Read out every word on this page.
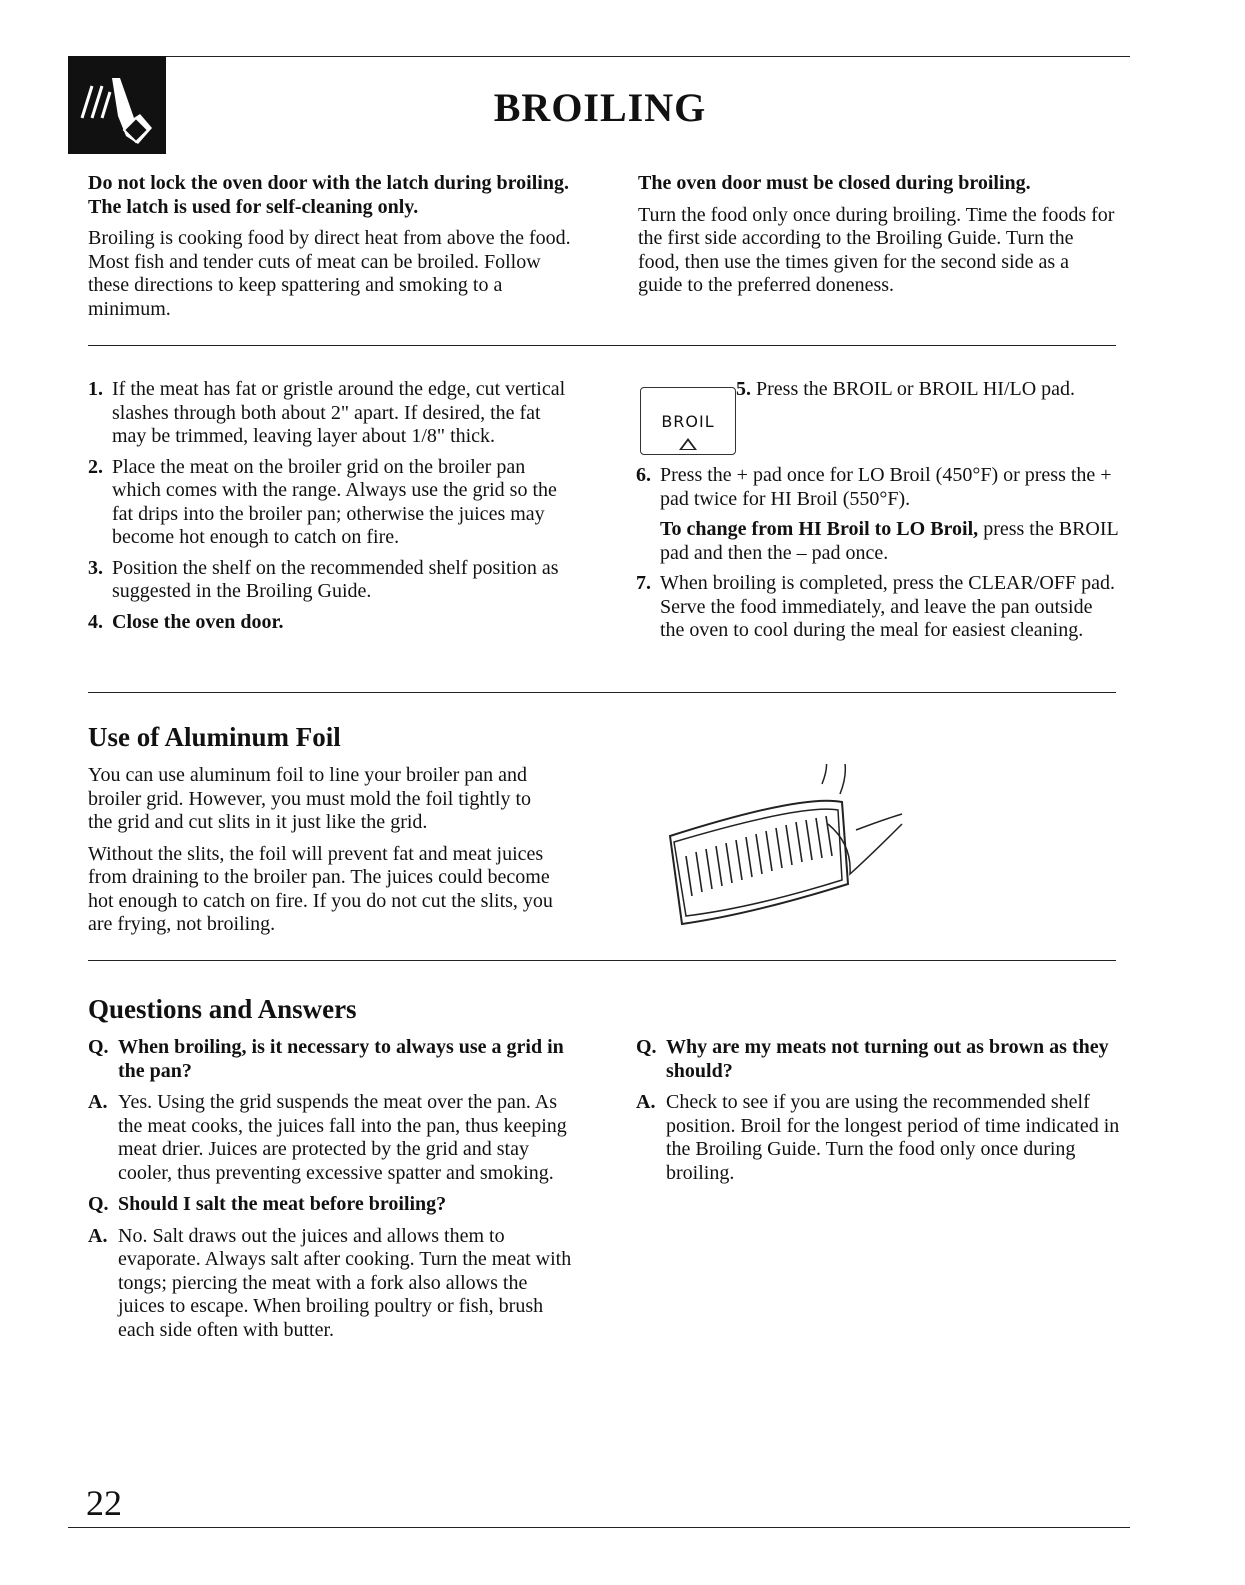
BROILING

Do not lock the oven door with the latch during broiling. The latch is used for self-cleaning only.

Broiling is cooking food by direct heat from above the food. Most fish and tender cuts of meat can be broiled. Follow these directions to keep spattering and smoking to a minimum.

The oven door must be closed during broiling.

Turn the food only once during broiling. Time the foods for the first side according to the Broiling Guide. Turn the food, then use the times given for the second side as a guide to the preferred doneness.

1. If the meat has fat or gristle around the edge, cut vertical slashes through both about 2" apart. If desired, the fat may be trimmed, leaving layer about 1/8" thick.
2. Place the meat on the broiler grid on the broiler pan which comes with the range. Always use the grid so the fat drips into the broiler pan; otherwise the juices may become hot enough to catch on fire.
3. Position the shelf on the recommended shelf position as suggested in the Broiling Guide.
4. Close the oven door.
BROIL
5. Press the BROIL or BROIL HI/LO pad.
6. Press the + pad once for LO Broil (450°F) or press the + pad twice for HI Broil (550°F).
To change from HI Broil to LO Broil, press the BROIL pad and then the – pad once.
7. When broiling is completed, press the CLEAR/OFF pad. Serve the food immediately, and leave the pan outside the oven to cool during the meal for easiest cleaning.
Use of Aluminum Foil

You can use aluminum foil to line your broiler pan and broiler grid. However, you must mold the foil tightly to the grid and cut slits in it just like the grid.

Without the slits, the foil will prevent fat and meat juices from draining to the broiler pan. The juices could become hot enough to catch on fire. If you do not cut the slits, you are frying, not broiling.

Questions and Answers
Q. When broiling, is it necessary to always use a grid in the pan?
A. Yes. Using the grid suspends the meat over the pan. As the meat cooks, the juices fall into the pan, thus keeping meat drier. Juices are protected by the grid and stay cooler, thus preventing excessive spatter and smoking.
Q. Should I salt the meat before broiling?
A. No. Salt draws out the juices and allows them to evaporate. Always salt after cooking. Turn the meat with tongs; piercing the meat with a fork also allows the juices to escape. When broiling poultry or fish, brush each side often with butter.
Q. Why are my meats not turning out as brown as they should?
A. Check to see if you are using the recommended shelf position. Broil for the longest period of time indicated in the Broiling Guide. Turn the food only once during broiling.
22
